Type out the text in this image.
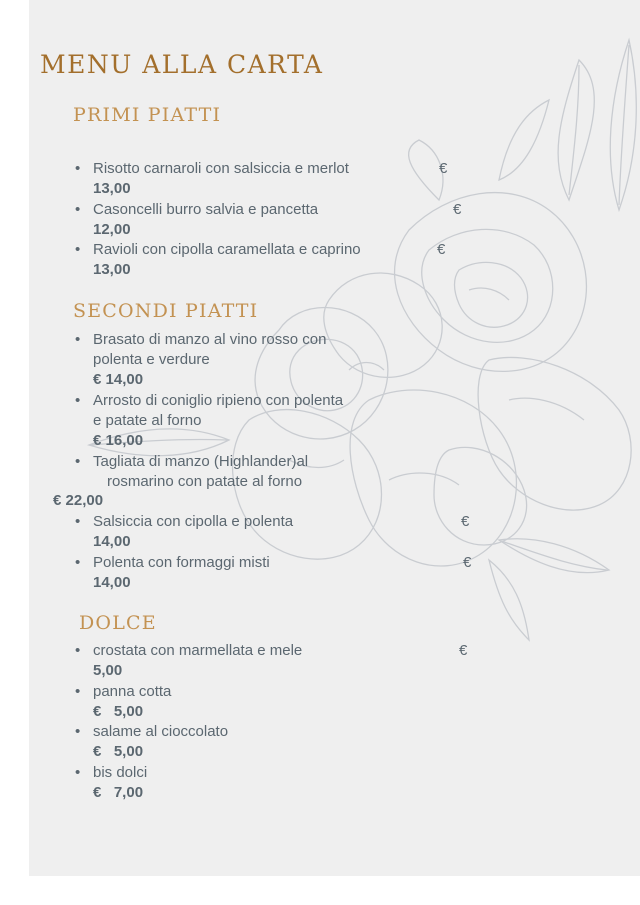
MENU ALLA CARTA
PRIMI PIATTI
• Risotto carnaroli con salsiccia e merlot	€
13,00
• Casoncelli burro salvia e pancetta	€
12,00
• Ravioli con cipolla caramellata e caprino	€
13,00
SECONDI PIATTI
• Brasato di manzo al vino rosso con
polenta e verdure
€ 14,00
• Arrosto di coniglio ripieno con polenta
e patate al forno
€ 16,00
• Tagliata di manzo (Highlander)al
rosmarino con patate al forno
€ 22,00
• Salsiccia con cipolla e polenta	€
14,00
• Polenta con formaggi misti	€
14,00
DOLCE
• crostata con marmellata e mele	€
5,00
• panna cotta
€   5,00
• salame al cioccolato
€   5,00
• bis dolci
€   7,00
